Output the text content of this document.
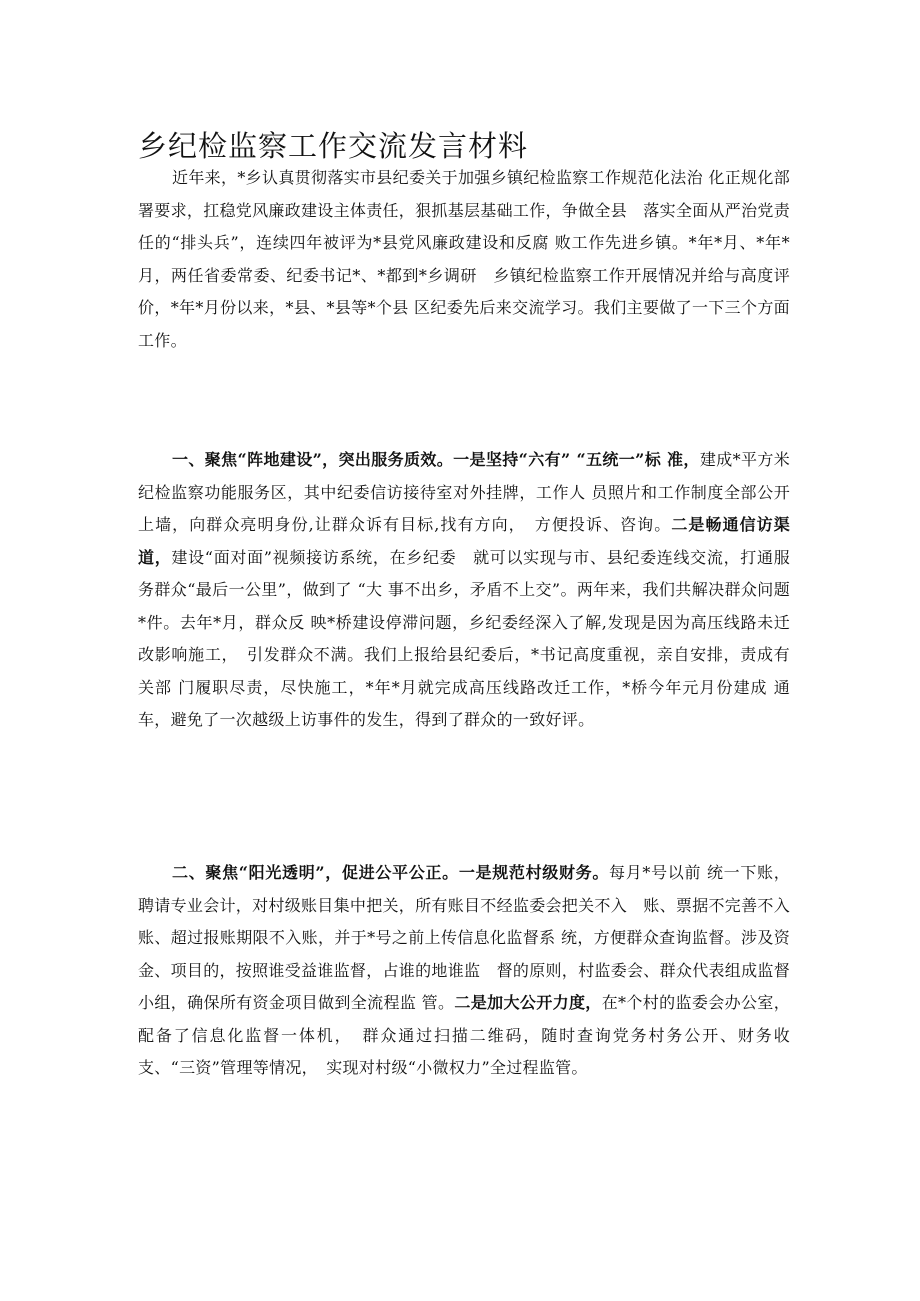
乡纪检监察工作交流发言材料

近年来，*乡认真贯彻落实市县纪委关于加强乡镇纪检监察工作规范化法治 化正规化部署要求，扛稳党风廉政建设主体责任，狠抓基层基础工作，争做全县　落实全面从严治党责任的“排头兵”，连续四年被评为*县党风廉政建设和反腐 败工作先进乡镇。*年*月、*年*月，两任省委常委、纪委书记*、*都到*乡调研　乡镇纪检监察工作开展情况并给与高度评价，*年*月份以来，*县、*县等*个县 区纪委先后来交流学习。我们主要做了一下三个方面工作。

一、聚焦“阵地建设”，突出服务质效。一是坚持“六有” “五统一”标 准，建成*平方米纪检监察功能服务区，其中纪委信访接待室对外挂牌，工作人 员照片和工作制度全部公开上墙，向群众亮明身份,让群众诉有目标,找有方向，　方便投诉、咨询。二是畅通信访渠道，建设“面对面”视频接访系统，在乡纪委　就可以实现与市、县纪委连线交流，打通服务群众“最后一公里”，做到了 “大 事不出乡，矛盾不上交”。两年来，我们共解决群众问题*件。去年*月，群众反 映*桥建设停滞问题，乡纪委经深入了解,发现是因为高压线路未迁改影响施工，　引发群众不满。我们上报给县纪委后，*书记高度重视，亲自安排，责成有关部 门履职尽责，尽快施工，*年*月就完成高压线路改迁工作，*桥今年元月份建成 通车，避免了一次越级上访事件的发生，得到了群众的一致好评。

二、聚焦“阳光透明”，促进公平公正。一是规范村级财务。每月*号以前 统一下账，聘请专业会计，对村级账目集中把关，所有账目不经监委会把关不入　账、票据不完善不入账、超过报账期限不入账，并于*号之前上传信息化监督系 统，方便群众查询监督。涉及资金、项目的，按照谁受益谁监督，占谁的地谁监　督的原则，村监委会、群众代表组成监督小组，确保所有资金项目做到全流程监 管。二是加大公开力度，在*个村的监委会办公室，配备了信息化监督一体机，　群众通过扫描二维码，随时查询党务村务公开、财务收支、“三资”管理等情况，　实现对村级“小微权力”全过程监管。
